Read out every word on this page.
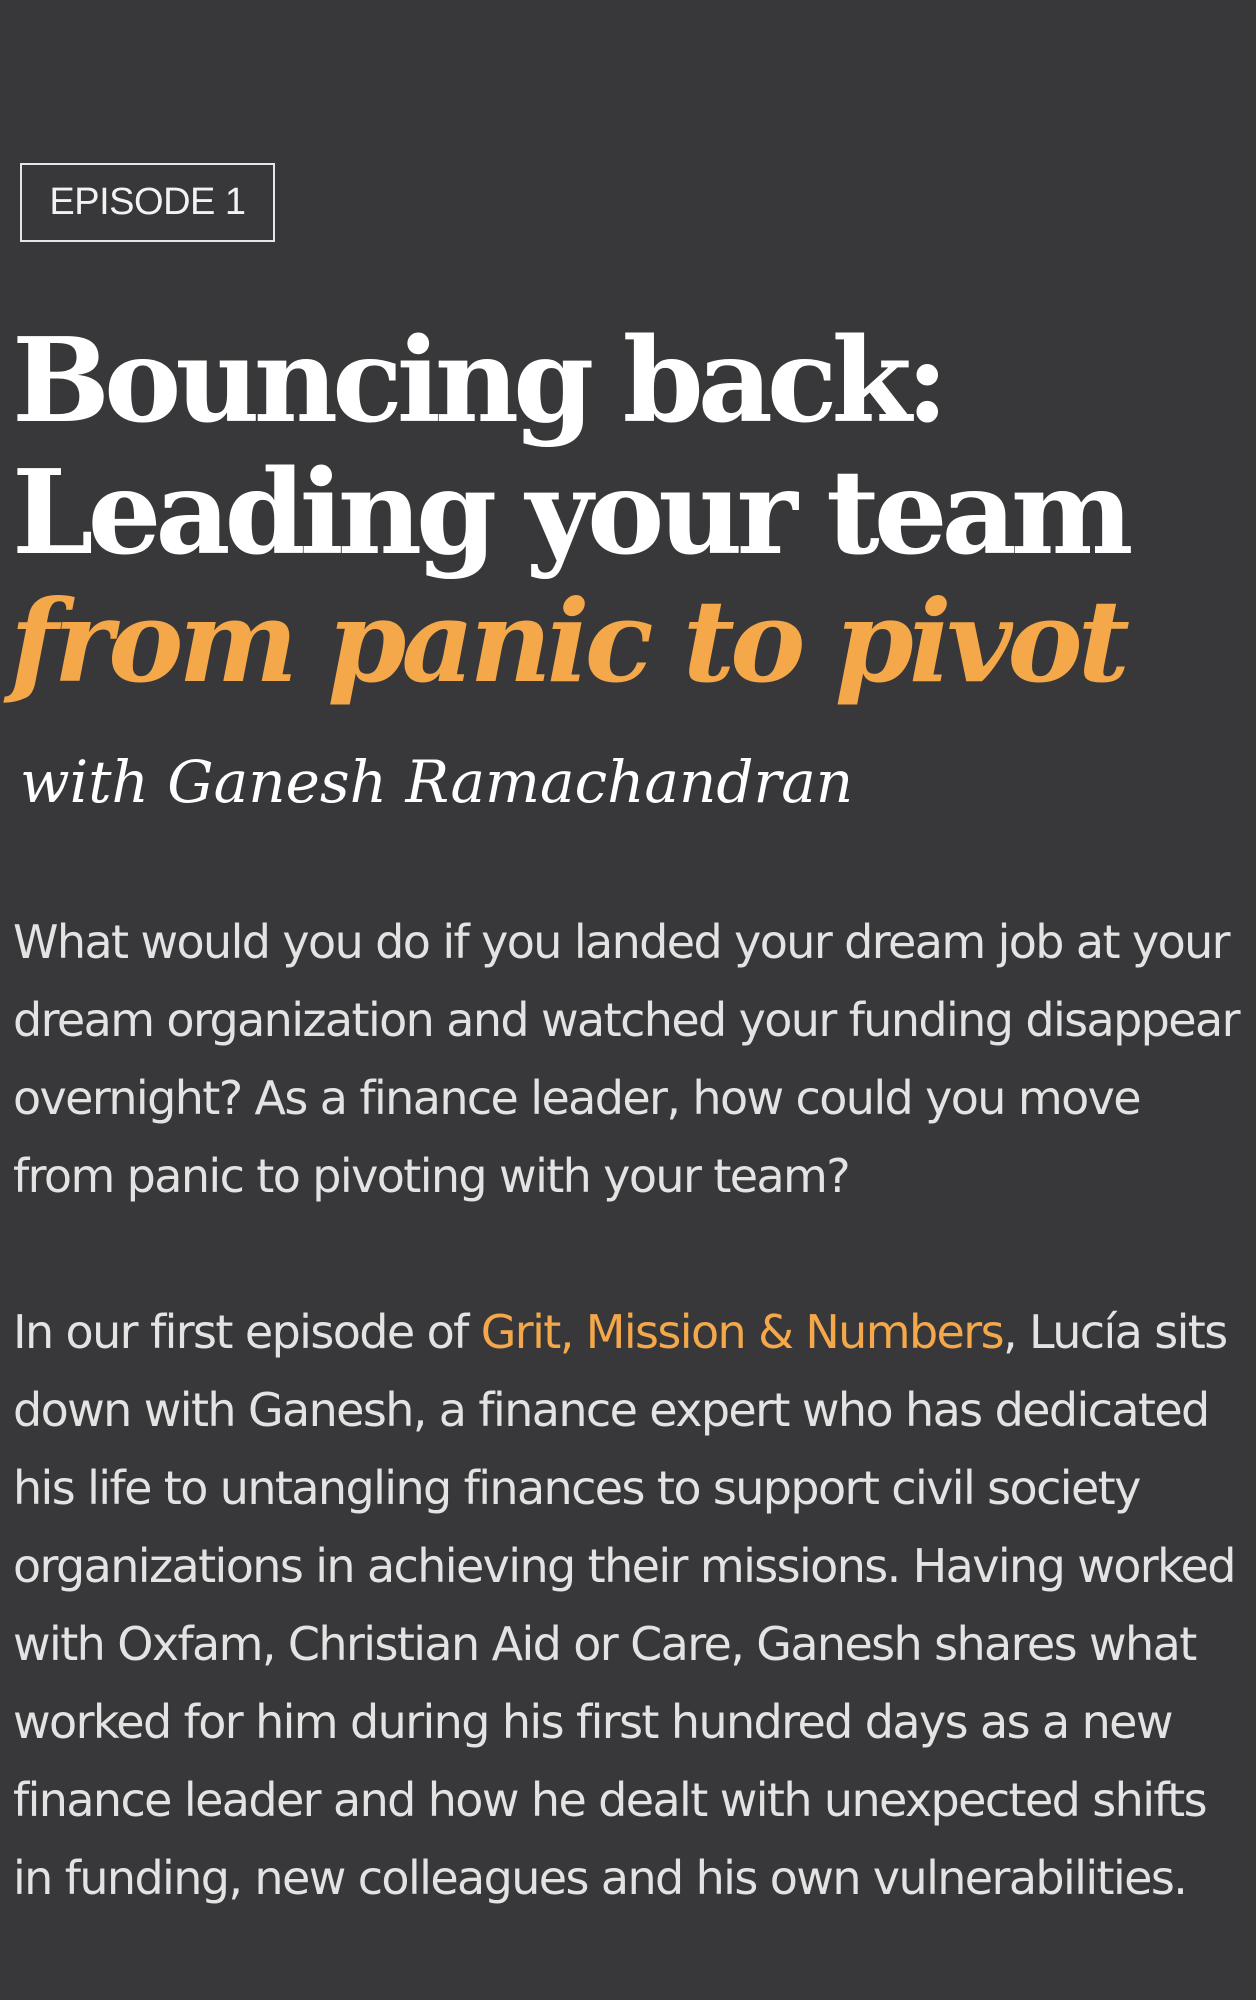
EPISODE 1
Bouncing back:
Leading your team
from panic to pivot
with Ganesh Ramachandran

What would you do if you landed your dream job at your dream organization and watched your funding disappear overnight? As a finance leader, how could you move from panic to pivoting with your team?

In our first episode of Grit, Mission & Numbers, Lucía sits down with Ganesh, a finance expert who has dedicated his life to untangling finances to support civil society organizations in achieving their missions. Having worked with Oxfam, Christian Aid or Care, Ganesh shares what worked for him during his first hundred days as a new finance leader and how he dealt with unexpected shifts in funding, new colleagues and his own vulnerabilities.
